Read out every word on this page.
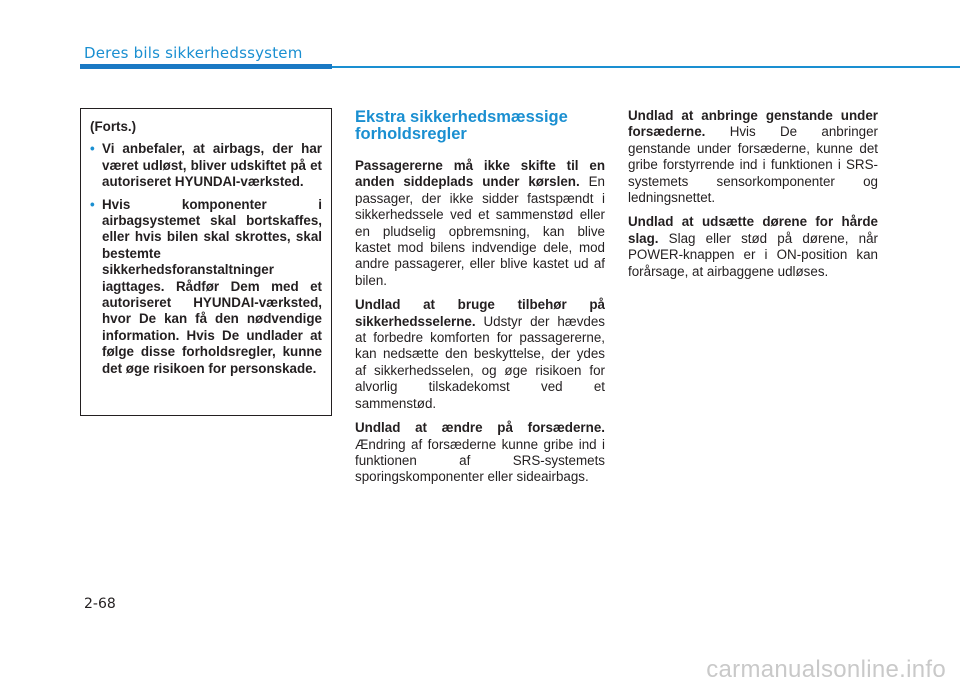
Deres bils sikkerhedssystem
(Forts.)
• Vi anbefaler, at airbags, der har været udløst, bliver udskiftet på et autoriseret HYUNDAI-værksted.
• Hvis komponenter i airbagsystemet skal bortskaffes, eller hvis bilen skal skrottes, skal bestemte sikkerhedsforanstaltninger iagttages. Rådfør Dem med et autoriseret HYUNDAI-værksted, hvor De kan få den nødvendige information. Hvis De undlader at følge disse forholdsregler, kunne det øge risikoen for personskade.
Ekstra sikkerhedsmæssige forholdsregler

Passagererne må ikke skifte til en anden siddeplads under kørslen. En passager, der ikke sidder fastspændt i sikkerhedssele ved et sammenstød eller en pludselig opbremsning, kan blive kastet mod bilens indvendige dele, mod andre passagerer, eller blive kastet ud af bilen.

Undlad at bruge tilbehør på sikkerhedsselerne. Udstyr der hævdes at forbedre komforten for passagererne, kan nedsætte den beskyttelse, der ydes af sikkerhedsselen, og øge risikoen for alvorlig tilskadekomst ved et sammenstød.

Undlad at ændre på forsæderne. Ændring af forsæderne kunne gribe ind i funktionen af SRS-systemets sporingskomponenter eller sideairbags.

Undlad at anbringe genstande under forsæderne. Hvis De anbringer genstande under forsæderne, kunne det gribe forstyrrende ind i funktionen i SRS-systemets sensorkomponenter og ledningsnettet.

Undlad at udsætte dørene for hårde slag. Slag eller stød på dørene, når POWER-knappen er i ON-position kan forårsage, at airbaggene udløses.

2-68
carmanualsonline.info
